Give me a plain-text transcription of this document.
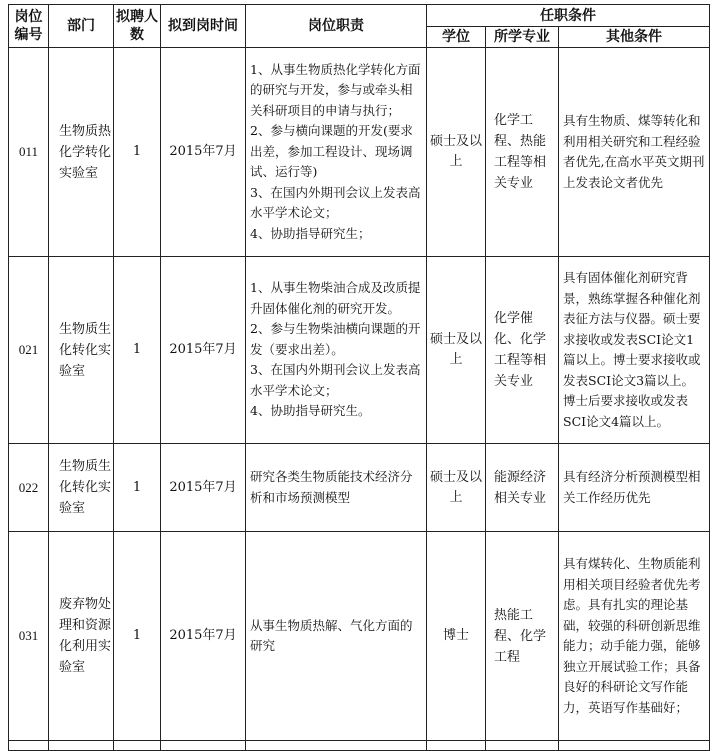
岗位编号	部门	拟聘人数	拟到岗时间	岗位职责	任职条件		
					学位	所学专业	其他条件
011	生物质热化学转化实验室	1	2015年7月	1、从事生物质热化学转化方面的研究与开发，参与或牵头相关科研项目的申请与执行；
2、参与横向课题的开发(要求出差，参加工程设计、现场调试、运行等)
3、在国内外期刊会议上发表高水平学术论文；
4、协助指导研究生；	硕士及以上	化学工程、热能工程等相关专业	具有生物质、煤等转化和利用相关研究和工程经验者优先,在高水平英文期刊上发表论文者优先
021	生物质生化转化实验室	1	2015年7月	1、从事生物柴油合成及改质提升固体催化剂的研究开发。
2、参与生物柴油横向课题的开发（要求出差）。
3、在国内外期刊会议上发表高水平学术论文；
4、协助指导研究生。	硕士及以上	化学催化、化学工程等相关专业	具有固体催化剂研究背景，熟练掌握各种催化剂表征方法与仪器。硕士要求接收或发表SCI论文1篇以上。博士要求接收或发表SCI论文3篇以上。博士后要求接收或发表SCI论文4篇以上。
022	生物质生化转化实验室	1	2015年7月	研究各类生物质能技术经济分析和市场预测模型	硕士及以上	能源经济相关专业	具有经济分析预测模型相关工作经历优先
031	废弃物处理和资源化利用实验室	1	2015年7月	从事生物质热解、气化方面的研究	博士	热能工程、化学工程	具有煤转化、生物质能利用相关项目经验者优先考虑。具有扎实的理论基础，较强的科研创新思维能力；动手能力强，能够独立开展试验工作；具备良好的科研论文写作能力，英语写作基础好；
